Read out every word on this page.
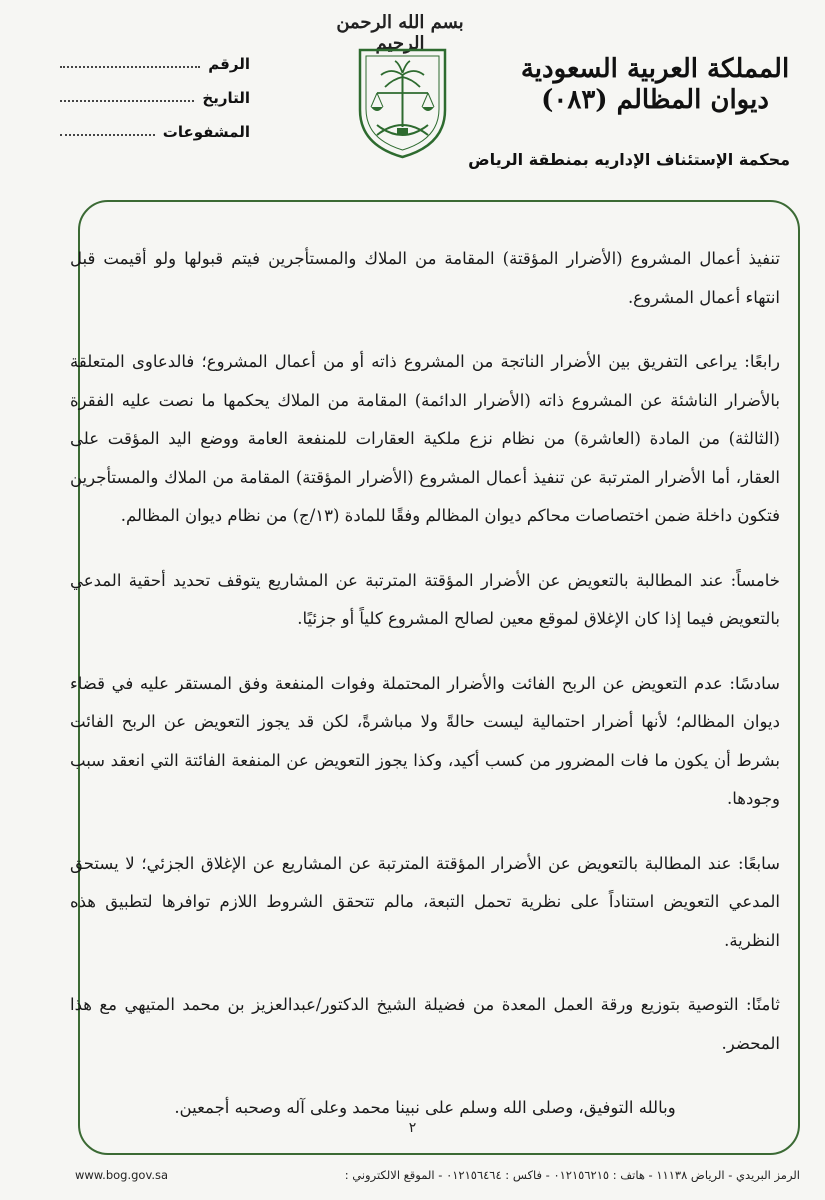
بسم الله الرحمن الرحيم
المملكة العربية السعودية
ديوان المظالم (٠٨٣)
محكمة الإستئناف الإداريه بمنطقة الرياض
الرقم
التاريخ
المشفوعات

تنفيذ أعمال المشروع (الأضرار المؤقتة) المقامة من الملاك والمستأجرين فيتم قبولها ولو أقيمت قبل انتهاء أعمال المشروع.

رابعًا: يراعى التفريق بين الأضرار الناتجة من المشروع ذاته أو من أعمال المشروع؛ فالدعاوى المتعلقة بالأضرار الناشئة عن المشروع ذاته (الأضرار الدائمة) المقامة من الملاك يحكمها ما نصت عليه الفقرة (الثالثة) من المادة (العاشرة) من نظام نزع ملكية العقارات للمنفعة العامة ووضع اليد المؤقت على العقار، أما الأضرار المترتبة عن تنفيذ أعمال المشروع (الأضرار المؤقتة) المقامة من الملاك والمستأجرين فتكون داخلة ضمن اختصاصات محاكم ديوان المظالم وفقًا للمادة (١٣/ج) من نظام ديوان المظالم.

خامساً: عند المطالبة بالتعويض عن الأضرار المؤقتة المترتبة عن المشاريع يتوقف تحديد أحقية المدعي بالتعويض فيما إذا كان الإغلاق لموقع معين لصالح المشروع كلياً أو جزئيًا.

سادسًا: عدم التعويض عن الربح الفائت والأضرار المحتملة وفوات المنفعة وفق المستقر عليه في قضاء ديوان المظالم؛ لأنها أضرار احتمالية ليست حالةً ولا مباشرةً، لكن قد يجوز التعويض عن الربح الفائت بشرط أن يكون ما فات المضرور من كسب أكيد، وكذا يجوز التعويض عن المنفعة الفائتة التي انعقد سبب وجودها.

سابعًا: عند المطالبة بالتعويض عن الأضرار المؤقتة المترتبة عن المشاريع عن الإغلاق الجزئي؛ لا يستحق المدعي التعويض استناداً على نظرية تحمل التبعة، مالم تتحقق الشروط اللازم توافرها لتطبيق هذه النظرية.

ثامنًا: التوصية بتوزيع ورقة العمل المعدة من فضيلة الشيخ الدكتور/عبدالعزيز بن محمد المتيهي مع هذا المحضر.

وبالله التوفيق، وصلى الله وسلم على نبينا محمد وعلى آله وصحبه أجمعين.

٢
www.bog.gov.sa	الرمز البريدي - الرياض ١١١٣٨ - هاتف : ٠١٢١٥٦٢١٥ - فاكس : ٠١٢١٥٦٤٦٤ - الموقع الالكتروني :
